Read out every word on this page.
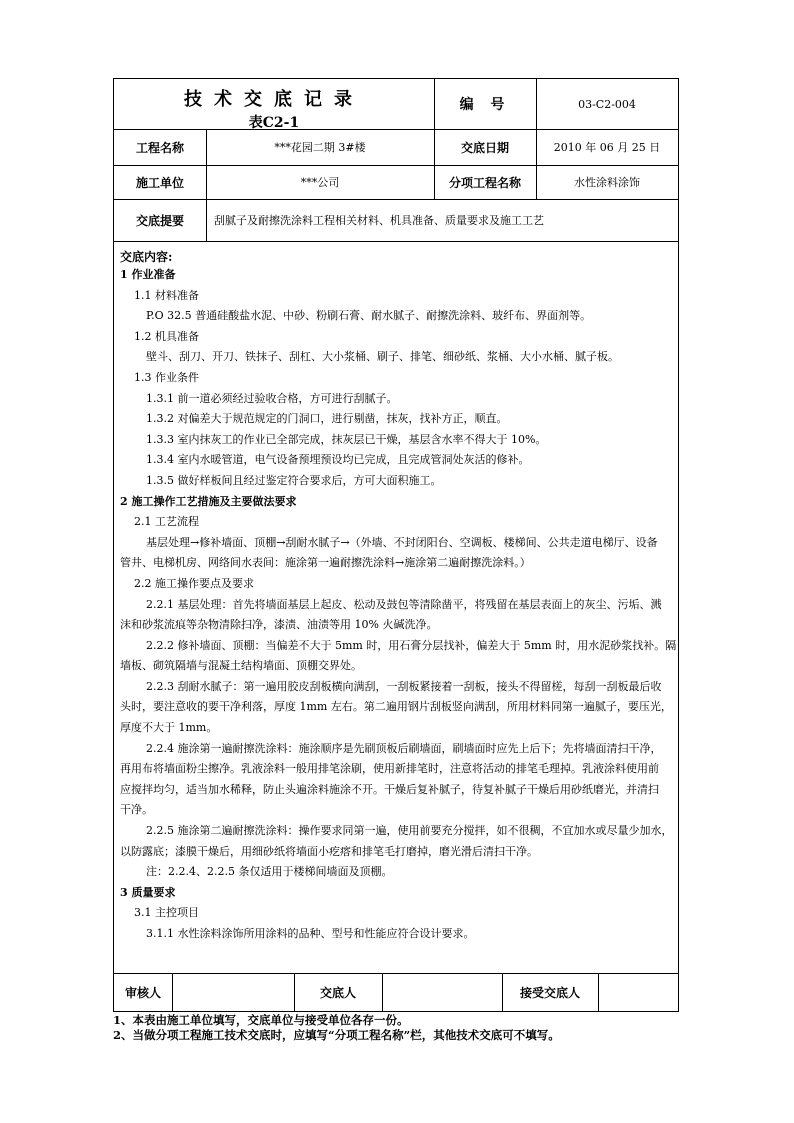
技术交底记录
表C2-1
编 号	03-C2-004
工程名称	***花园二期 3#楼	交底日期	2010 年 06 月 25 日
施工单位	***公司	分项工程名称	水性涂料涂饰
交底提要	刮腻子及耐擦洗涂料工程相关材料、机具准备、质量要求及施工工艺
交底内容:

1 作业准备

1.1 材料准备

P.O 32.5 普通硅酸盐水泥、中砂、粉刷石膏、耐水腻子、耐擦洗涂料、玻纤布、界面剂等。

1.2 机具准备

壁斗、刮刀、开刀、铁抹子、刮杠、大小浆桶、刷子、排笔、细砂纸、浆桶、大小水桶、腻子板。

1.3 作业条件

1.3.1 前一道必须经过验收合格，方可进行刮腻子。

1.3.2 对偏差大于规范规定的门洞口，进行剔凿，抹灰，找补方正，顺直。

1.3.3 室内抹灰工的作业已全部完成，抹灰层已干燥，基层含水率不得大于 10%。

1.3.4 室内水暖管道，电气设备预埋预设均已完成，且完成管洞处灰活的修补。

1.3.5 做好样板间且经过鉴定符合要求后，方可大面积施工。

2 施工操作工艺措施及主要做法要求

2.1 工艺流程

基层处理→修补墙面、顶棚→刮耐水腻子→（外墙、不封闭阳台、空调板、楼梯间、公共走道电梯厅、设备

管井、电梯机房、网络间水表间：施涂第一遍耐擦洗涂料→施涂第二遍耐擦洗涂料。）

2.2 施工操作要点及要求

2.2.1 基层处理：首先将墙面基层上起皮、松动及鼓包等清除凿平，将残留在基层表面上的灰尘、污垢、溅

沫和砂浆流痕等杂物清除扫净，漆渍、油渍等用 10% 火碱洗净。

2.2.2 修补墙面、顶棚：当偏差不大于 5mm 时，用石膏分层找补，偏差大于 5mm 时，用水泥砂浆找补。隔

墙板、砌筑隔墙与混凝土结构墙面、顶棚交界处。

2.2.3 刮耐水腻子：第一遍用胶皮刮板横向满刮，一刮板紧接着一刮板，接头不得留槎，每刮一刮板最后收

头时，要注意收的要干净利落，厚度 1mm 左右。第二遍用钢片刮板竖向满刮，所用材料同第一遍腻子，要压光，

厚度不大于 1mm。

2.2.4 施涂第一遍耐擦洗涂料：施涂顺序是先刷顶板后刷墙面，刷墙面时应先上后下；先将墙面清扫干净，

再用布将墙面粉尘擦净。乳液涂料一般用排笔涂刷，使用新排笔时，注意将活动的排笔毛理掉。乳液涂料使用前

应搅拌均匀，适当加水稀释，防止头遍涂料施涂不开。干燥后复补腻子，待复补腻子干燥后用砂纸磨光，并清扫

干净。

2.2.5 施涂第二遍耐擦洗涂料：操作要求同第一遍，使用前要充分搅拌，如不很稠，不宜加水或尽量少加水，

以防露底；漆膜干燥后，用细砂纸将墙面小疙瘩和排笔毛打磨掉，磨光滑后清扫干净。

注：2.2.4、2.2.5 条仅适用于楼梯间墙面及顶棚。

3 质量要求

3.1 主控项目

3.1.1 水性涂料涂饰所用涂料的品种、型号和性能应符合设计要求。

审核人	交底人	接受交底人

1、本表由施工单位填写，交底单位与接受单位各存一份。

2、当做分项工程施工技术交底时，应填写“分项工程名称”栏，其他技术交底可不填写。
